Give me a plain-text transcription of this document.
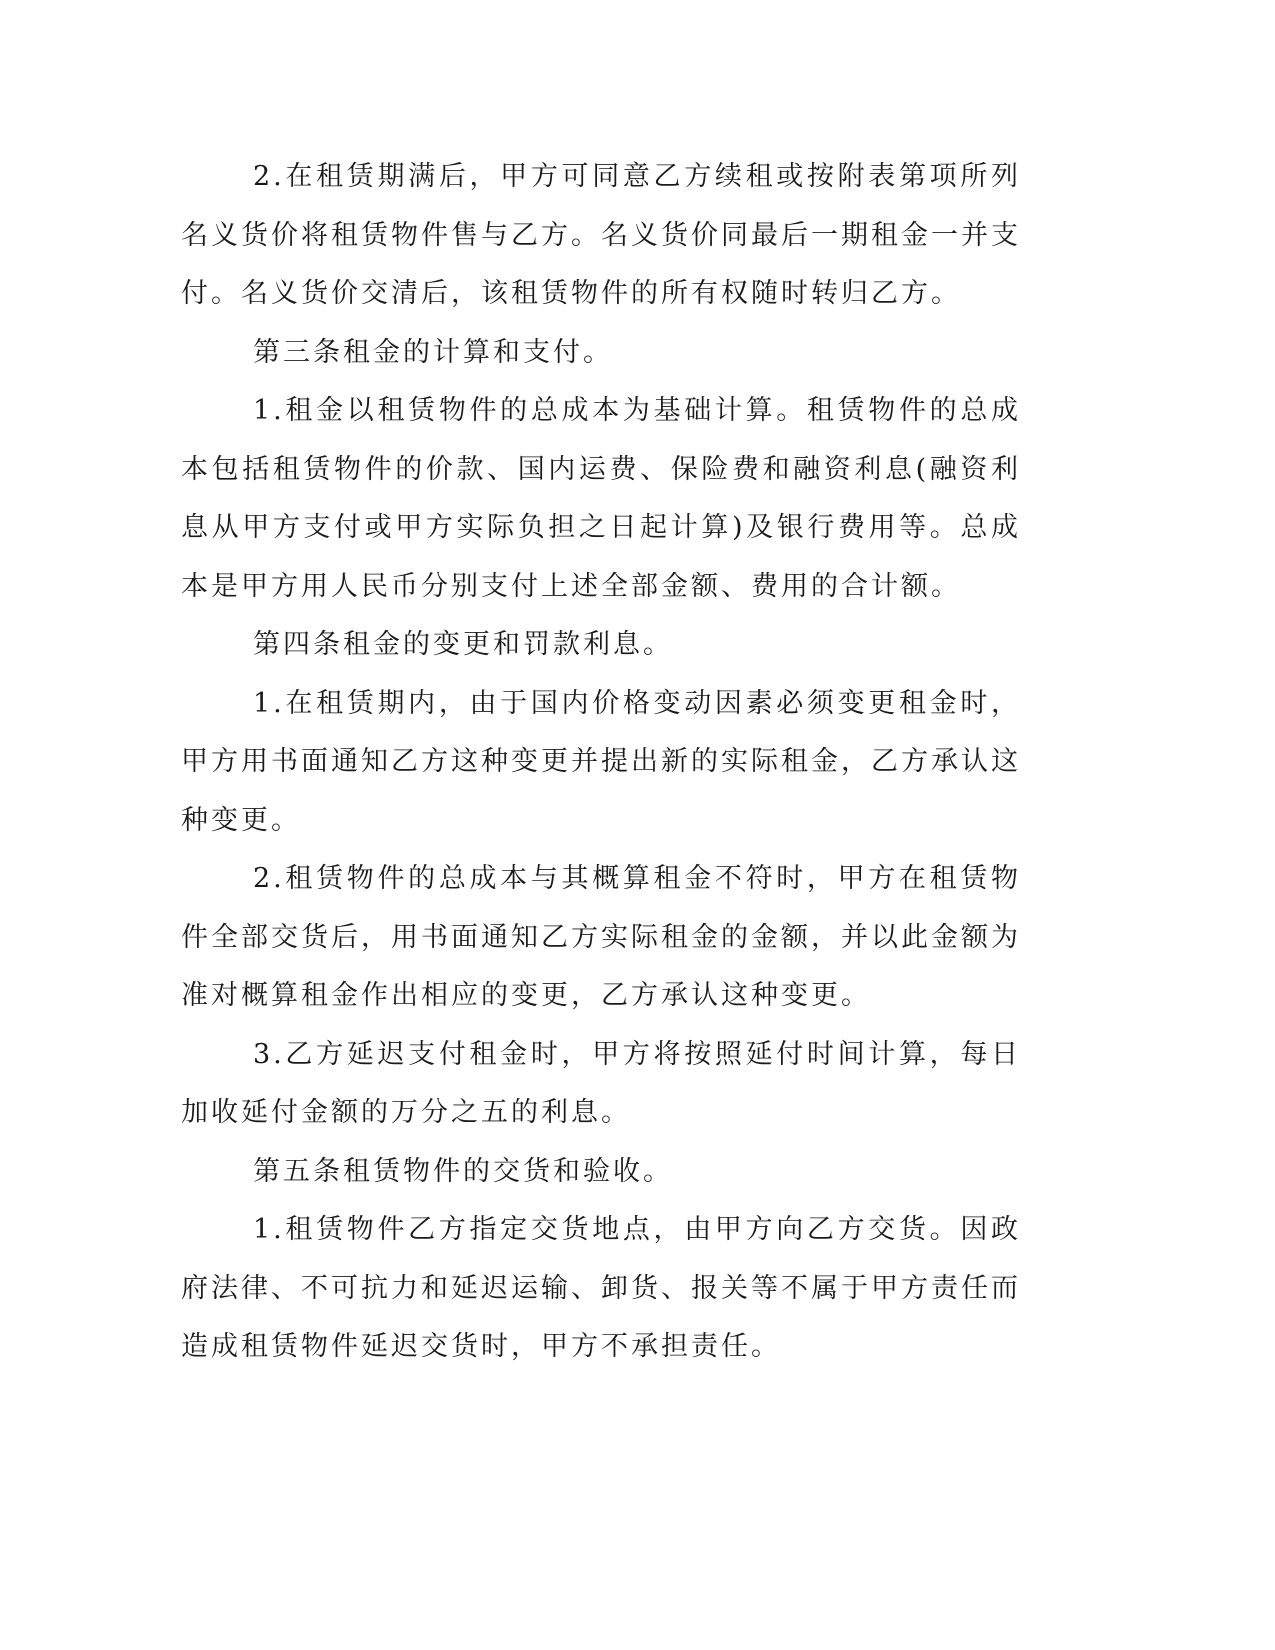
2.在租赁期满后，甲方可同意乙方续租或按附表第项所列名义货价将租赁物件售与乙方。名义货价同最后一期租金一并支付。名义货价交清后，该租赁物件的所有权随时转归乙方。

第三条租金的计算和支付。

1.租金以租赁物件的总成本为基础计算。租赁物件的总成本包括租赁物件的价款、国内运费、保险费和融资利息(融资利息从甲方支付或甲方实际负担之日起计算)及银行费用等。总成本是甲方用人民币分别支付上述全部金额、费用的合计额。

第四条租金的变更和罚款利息。

1.在租赁期内，由于国内价格变动因素必须变更租金时，甲方用书面通知乙方这种变更并提出新的实际租金，乙方承认这种变更。

2.租赁物件的总成本与其概算租金不符时，甲方在租赁物件全部交货后，用书面通知乙方实际租金的金额，并以此金额为准对概算租金作出相应的变更，乙方承认这种变更。

3.乙方延迟支付租金时，甲方将按照延付时间计算，每日加收延付金额的万分之五的利息。

第五条租赁物件的交货和验收。

1.租赁物件乙方指定交货地点，由甲方向乙方交货。因政府法律、不可抗力和延迟运输、卸货、报关等不属于甲方责任而造成租赁物件延迟交货时，甲方不承担责任。
